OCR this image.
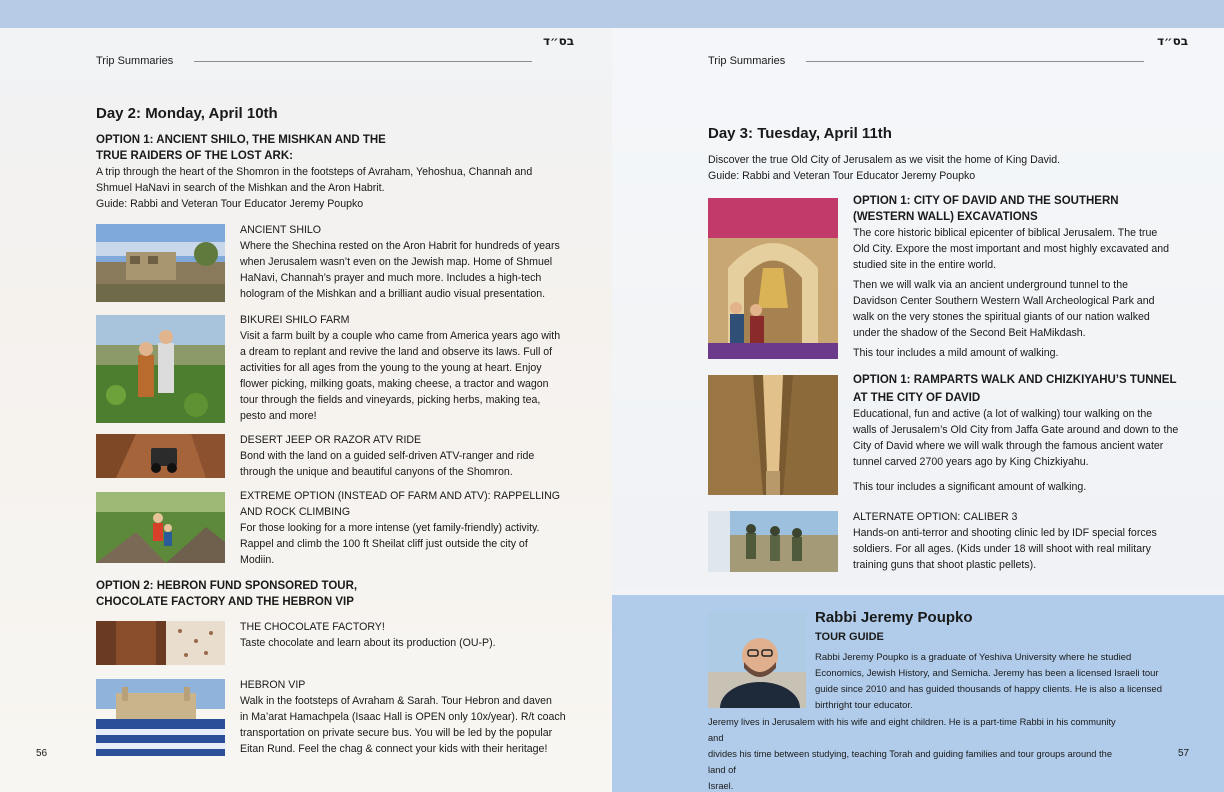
בס״ד
Trip Summaries
Day 2: Monday, April 10th
OPTION 1: ANCIENT SHILO, THE MISHKAN AND THE
TRUE RAIDERS OF THE LOST ARK:
A trip through the heart of the Shomron in the footsteps of Avraham, Yehoshua, Channah and
Shmuel HaNavi in search of the Mishkan and the Aron Habrit.
Guide: Rabbi and Veteran Tour Educator Jeremy Poupko
ANCIENT SHILO
Where the Shechina rested on the Aron Habrit for hundreds of years
when Jerusalem wasn’t even on the Jewish map. Home of Shmuel
HaNavi, Channah’s prayer and much more. Includes a high-tech
hologram of the Mishkan and a brilliant audio visual presentation.
BIKUREI SHILO FARM
Visit a farm built by a couple who came from America years ago with
a dream to replant and revive the land and observe its laws. Full of
activities for all ages from the young to the young at heart. Enjoy
flower picking, milking goats, making cheese, a tractor and wagon
tour through the fields and vineyards, picking herbs, making tea,
pesto and more!
DESERT JEEP OR RAZOR ATV RIDE
Bond with the land on a guided self-driven ATV-ranger and ride
through the unique and beautiful canyons of the Shomron.
EXTREME OPTION (INSTEAD OF FARM AND ATV): RAPPELLING
AND ROCK CLIMBING
For those looking for a more intense (yet family-friendly) activity.
Rappel and climb the 100 ft Sheilat cliff just outside the city of
Modiin.
OPTION 2: HEBRON FUND SPONSORED TOUR,
CHOCOLATE FACTORY AND THE HEBRON VIP
THE CHOCOLATE FACTORY!
Taste chocolate and learn about its production (OU-P).
HEBRON VIP
Walk in the footsteps of Avraham & Sarah. Tour Hebron and daven
in Ma’arat Hamachpela (Isaac Hall is OPEN only 10x/year). R/t coach
transportation on private secure bus. You will be led by the popular
Eitan Rund. Feel the chag & connect your kids with their heritage!
56
בס״ד
Trip Summaries
Day 3: Tuesday, April 11th
Discover the true Old City of Jerusalem as we visit the home of King David.
Guide: Rabbi and Veteran Tour Educator Jeremy Poupko
OPTION 1: CITY OF DAVID AND THE SOUTHERN
(WESTERN WALL) EXCAVATIONS
The core historic biblical epicenter of biblical Jerusalem. The true
Old City. Expore the most important and most highly excavated and
studied site in the entire world.
Then we will walk via an ancient underground tunnel to the
Davidson Center Southern Western Wall Archeological Park and
walk on the very stones the spiritual giants of our nation walked
under the shadow of the Second Beit HaMikdash.
This tour includes a mild amount of walking.
OPTION 1: RAMPARTS WALK AND CHIZKIYAHU’S TUNNEL
AT THE CITY OF DAVID
Educational, fun and active (a lot of walking) tour walking on the
walls of Jerusalem’s Old City from Jaffa Gate around and down to the
City of David where we will walk through the famous ancient water
tunnel carved 2700 years ago by King Chizkiyahu.
This tour includes a significant amount of walking.
ALTERNATE OPTION: CALIBER 3
Hands-on anti-terror and shooting clinic led by IDF special forces
soldiers. For all ages. (Kids under 18 will shoot with real military
training guns that shoot plastic pellets).
Rabbi Jeremy Poupko
TOUR GUIDE
Rabbi Jeremy Poupko is a graduate of Yeshiva University where he studied
Economics, Jewish History, and Semicha. Jeremy has been a licensed Israeli tour
guide since 2010 and has guided thousands of happy clients. He is also a licensed
birthright tour educator.
Jeremy lives in Jerusalem with his wife and eight children. He is a part-time Rabbi in his community and
divides his time between studying, teaching Torah and guiding families and tour groups around the land of
Israel.
57
